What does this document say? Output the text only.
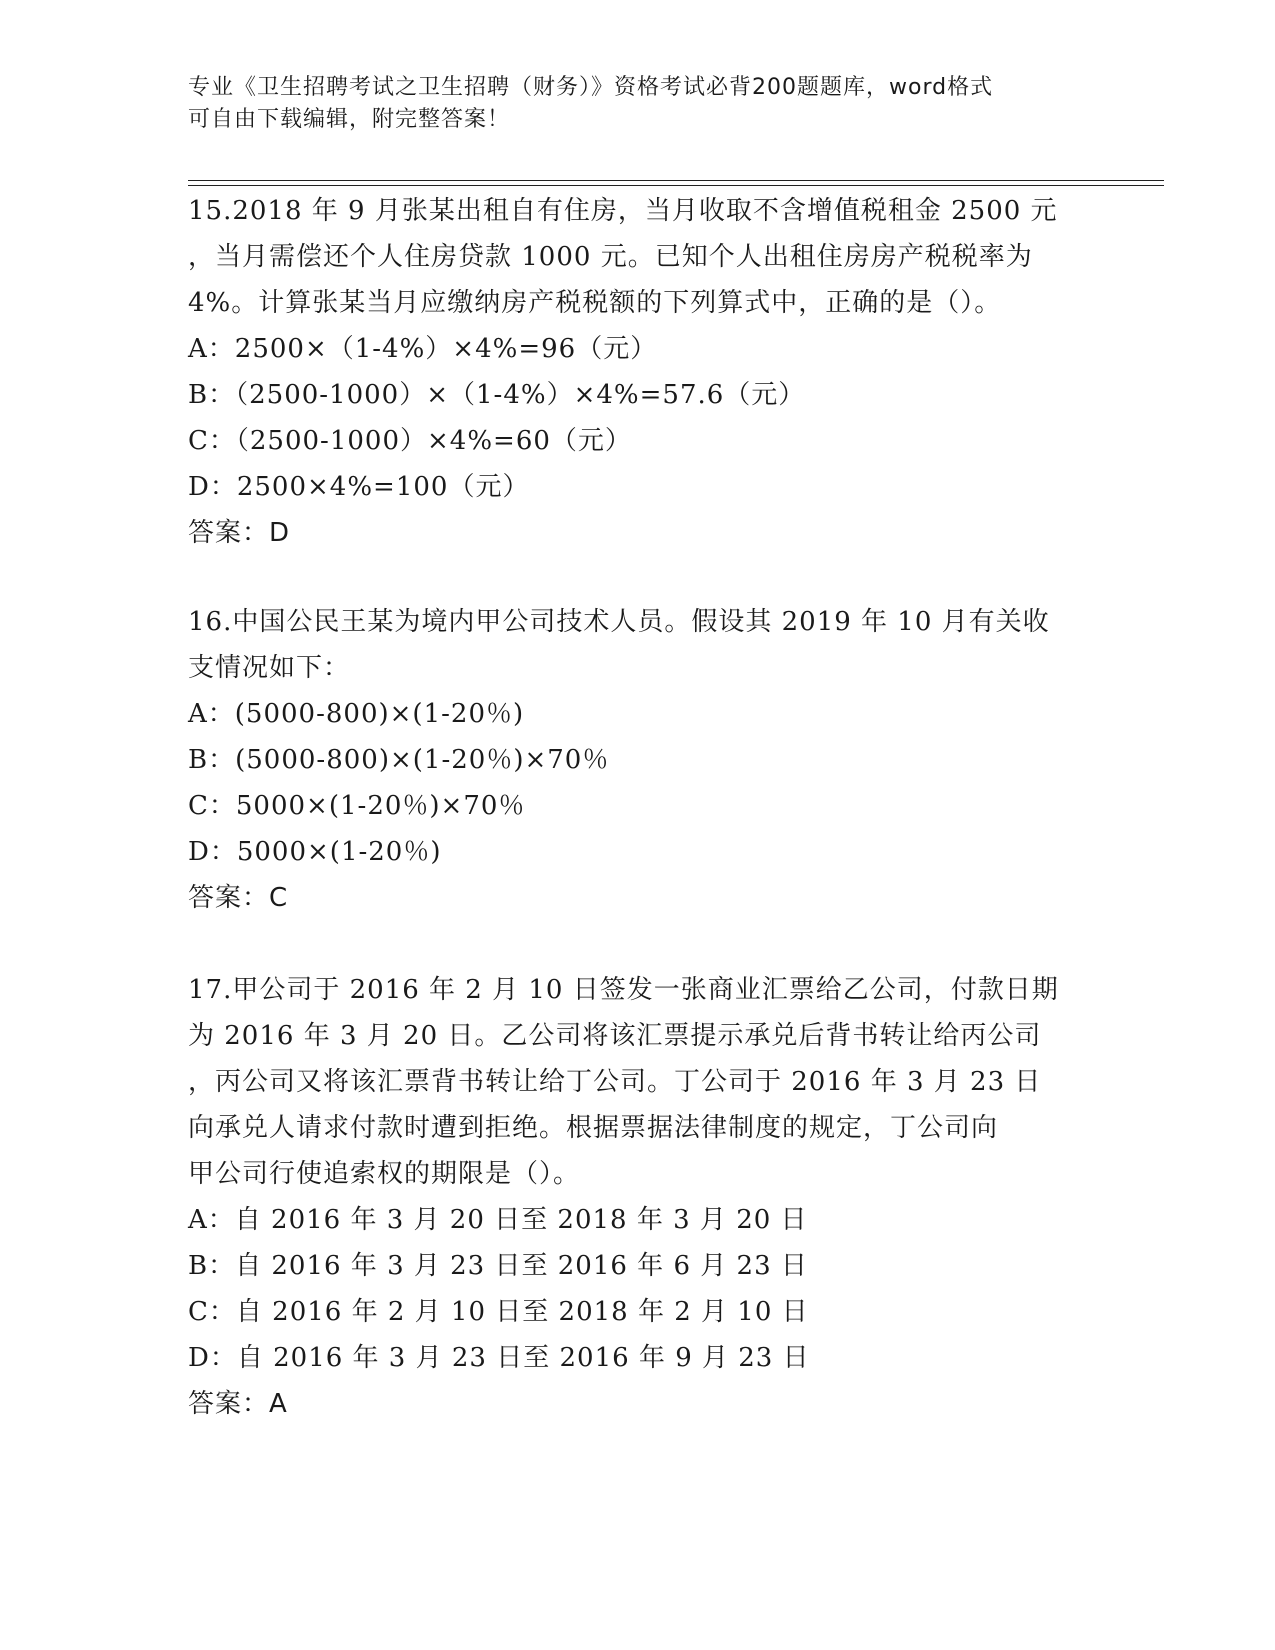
专业《卫生招聘考试之卫生招聘（财务）》资格考试必背200题题库，word格式
可自由下载编辑，附完整答案！
15.2018 年 9 月张某出租自有住房，当月收取不含增值税租金 2500 元
，当月需偿还个人住房贷款 1000 元。已知个人出租住房房产税税率为
4%。计算张某当月应缴纳房产税税额的下列算式中，正确的是（）。
A：2500×（1-4%）×4%=96（元）
B：（2500-1000）×（1-4%）×4%=57.6（元）
C：（2500-1000）×4%=60（元）
D：2500×4%=100（元）
答案：D
16.中国公民王某为境内甲公司技术人员。假设其 2019 年 10 月有关收
支情况如下：
A：(5000-800)×(1-20％)
B：(5000-800)×(1-20％)×70％
C：5000×(1-20％)×70％
D：5000×(1-20％)
答案：C
17.甲公司于 2016 年 2 月 10 日签发一张商业汇票给乙公司，付款日期
为 2016 年 3 月 20 日。乙公司将该汇票提示承兑后背书转让给丙公司
，丙公司又将该汇票背书转让给丁公司。丁公司于 2016 年 3 月 23 日
向承兑人请求付款时遭到拒绝。根据票据法律制度的规定，丁公司向
甲公司行使追索权的期限是（）。
A：自 2016 年 3 月 20 日至 2018 年 3 月 20 日
B：自 2016 年 3 月 23 日至 2016 年 6 月 23 日
C：自 2016 年 2 月 10 日至 2018 年 2 月 10 日
D：自 2016 年 3 月 23 日至 2016 年 9 月 23 日
答案：A
